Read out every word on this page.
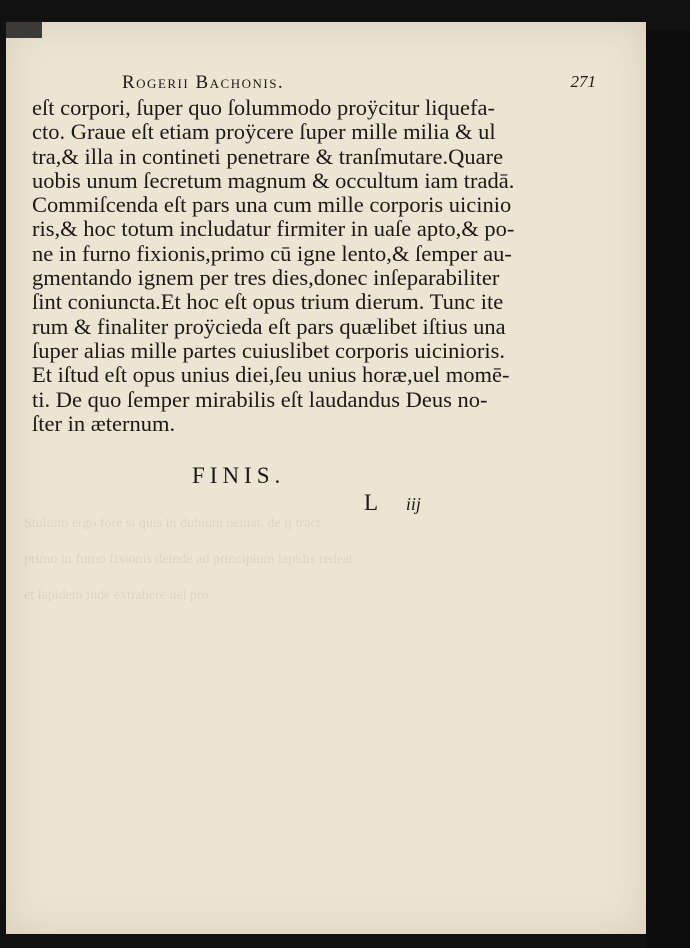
Stultum ergo fore si quis in dubium ueniat, de ij tract
primo in furno fixionis deinde ad principium lapidis redeat
et lapidem inde extrahere uel pro
Rogerii Bachonis.	271
eſt corpori, ſuper quo ſolummodo proÿcitur liquefa-
cto. Graue eſt etiam proÿcere ſuper mille milia & ul
tra,& illa in contineti penetrare & tranſmutare.Quare
uobis unum ſecretum magnum & occultum iam tradā.
Commiſcenda eſt pars una cum mille corporis uicinio
ris,& hoc totum includatur firmiter in uaſe apto,& po-
ne in furno fixionis,primo cū igne lento,& ſemper au-
gmentando ignem per tres dies,donec inſeparabiliter
ſint coniuncta.Et hoc eſt opus trium dierum. Tunc ite
rum & finaliter proÿcieda eſt pars quælibet iſtius una
ſuper alias mille partes cuiuslibet corporis uicinioris.
Et iſtud eſt opus unius diei,ſeu unius horæ,uel momē-
ti. De quo ſemper mirabilis eſt laudandus Deus no-
ſter in æternum.
FINIS.
L iij
